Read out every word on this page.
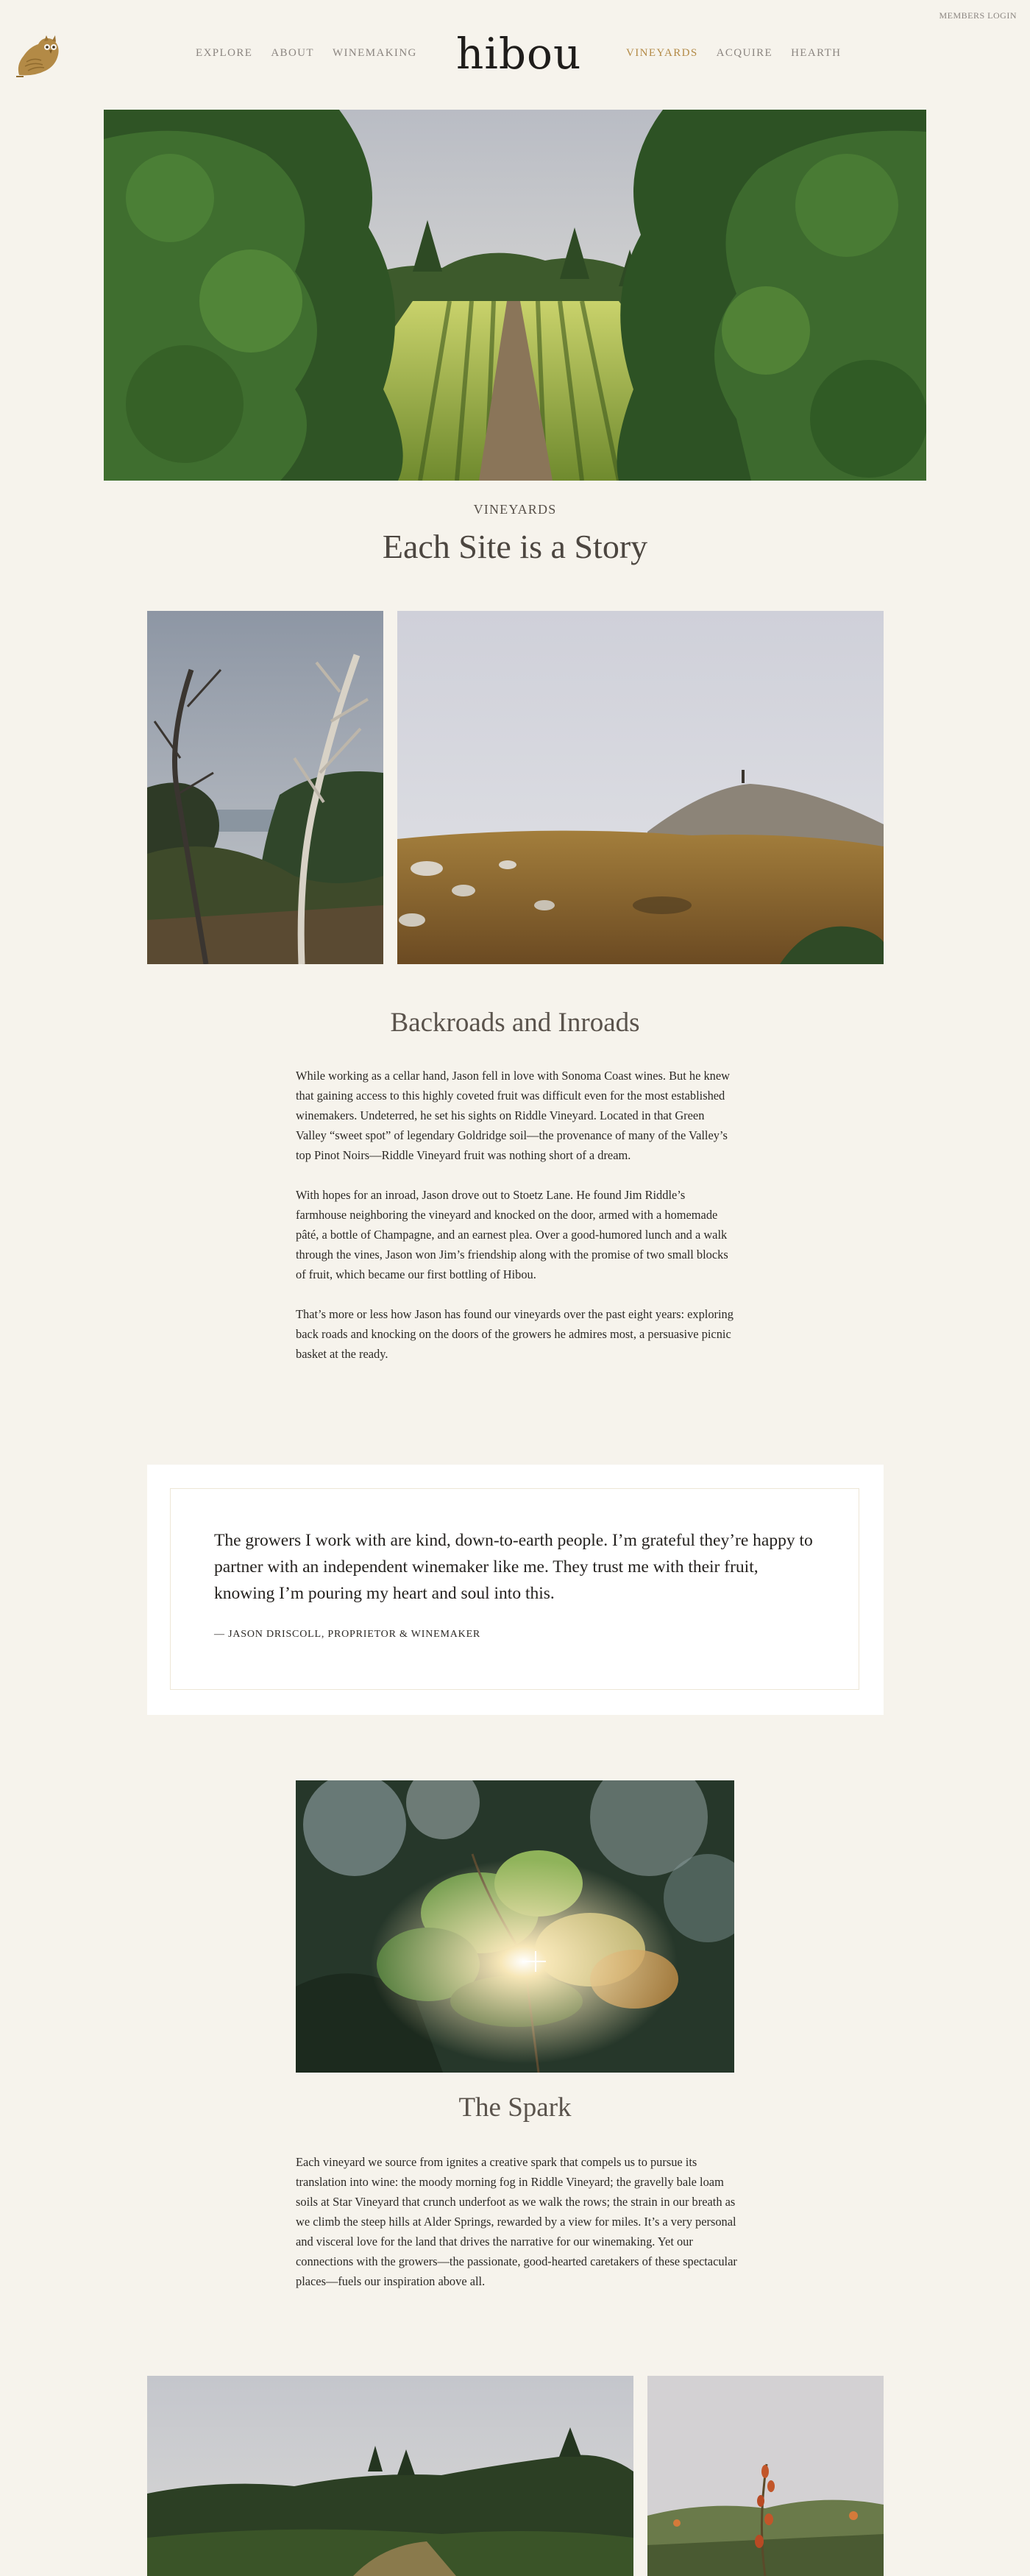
MEMBERS LOGIN
EXPLORE ABOUT WINEMAKING hibou	VINEYARDS ACQUIRE HEARTH
VINEYARDS
Each Site is a Story
Backroads and Inroads

While working as a cellar hand, Jason fell in love with Sonoma Coast wines. But he knew that gaining access to this highly coveted fruit was difficult even for the most established winemakers. Undeterred, he set his sights on Riddle Vineyard. Located in that Green Valley “sweet spot” of legendary Goldridge soil—the provenance of many of the Valley’s top Pinot Noirs—Riddle Vineyard fruit was nothing short of a dream.

With hopes for an inroad, Jason drove out to Stoetz Lane. He found Jim Riddle’s farmhouse neighboring the vineyard and knocked on the door, armed with a homemade pâté, a bottle of Champagne, and an earnest plea. Over a good-humored lunch and a walk through the vines, Jason won Jim’s friendship along with the promise of two small blocks of fruit, which became our first bottling of Hibou.

That’s more or less how Jason has found our vineyards over the past eight years: exploring back roads and knocking on the doors of the growers he admires most, a persuasive picnic basket at the ready.

The growers I work with are kind, down-to-earth people. I’m grateful they’re happy to partner with an independent winemaker like me. They trust me with their fruit, knowing I’m pouring my heart and soul into this.
— JASON DRISCOLL, PROPRIETOR & WINEMAKER
The Spark

Each vineyard we source from ignites a creative spark that compels us to pursue its translation into wine: the moody morning fog in Riddle Vineyard; the gravelly bale loam soils at Star Vineyard that crunch underfoot as we walk the rows; the strain in our breath as we climb the steep hills at Alder Springs, rewarded by a view for miles. It’s a very personal and visceral love for the land that drives the narrative for our winemaking. Yet our connections with the growers—the passionate, good-hearted caretakers of these spectacular places—fuels our inspiration above all.
